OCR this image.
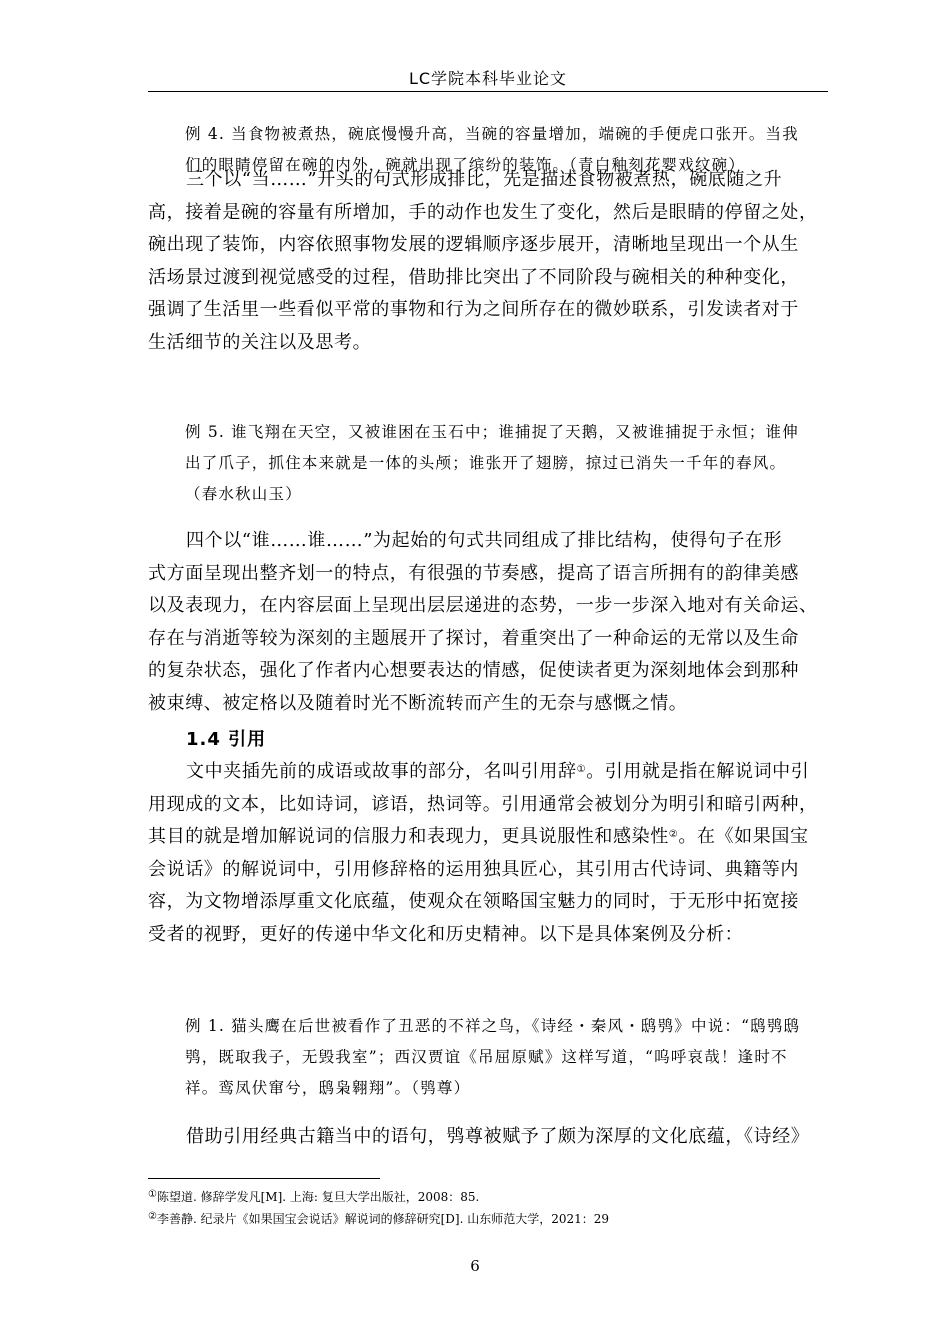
LC学院本科毕业论文
例 4. 当食物被煮热，碗底慢慢升高，当碗的容量增加，端碗的手便虎口张开。当我
们的眼睛停留在碗的内外，碗就出现了缤纷的装饰。（青白釉刻花婴戏纹碗）
三个以“当……”开头的句式形成排比，先是描述食物被煮热，碗底随之升
高，接着是碗的容量有所增加，手的动作也发生了变化，然后是眼睛的停留之处，
碗出现了装饰，内容依照事物发展的逻辑顺序逐步展开，清晰地呈现出一个从生
活场景过渡到视觉感受的过程，借助排比突出了不同阶段与碗相关的种种变化，
强调了生活里一些看似平常的事物和行为之间所存在的微妙联系，引发读者对于
生活细节的关注以及思考。
例 5. 谁飞翔在天空，又被谁困在玉石中；谁捕捉了天鹅，又被谁捕捉于永恒；谁伸
出了爪子，抓住本来就是一体的头颅；谁张开了翅膀，掠过已消失一千年的春风。
（春水秋山玉）
四个以“谁……谁……”为起始的句式共同组成了排比结构，使得句子在形
式方面呈现出整齐划一的特点，有很强的节奏感，提高了语言所拥有的韵律美感
以及表现力，在内容层面上呈现出层层递进的态势，一步一步深入地对有关命运、
存在与消逝等较为深刻的主题展开了探讨，着重突出了一种命运的无常以及生命
的复杂状态，强化了作者内心想要表达的情感，促使读者更为深刻地体会到那种
被束缚、被定格以及随着时光不断流转而产生的无奈与感慨之情。
1.4 引用
文中夹插先前的成语或故事的部分，名叫引用辞①。引用就是指在解说词中引
用现成的文本，比如诗词，谚语，热词等。引用通常会被划分为明引和暗引两种，
其目的就是增加解说词的信服力和表现力，更具说服性和感染性②。在《如果国宝
会说话》的解说词中，引用修辞格的运用独具匠心，其引用古代诗词、典籍等内
容，为文物增添厚重文化底蕴，使观众在领略国宝魅力的同时，于无形中拓宽接
受者的视野，更好的传递中华文化和历史精神。以下是具体案例及分析：
例 1. 猫头鹰在后世被看作了丑恶的不祥之鸟，《诗经・秦风・鸱鸮》中说：“鸱鸮鸱
鸮，既取我子，无毁我室”；西汉贾谊《吊屈原赋》这样写道，“呜呼哀哉！逢时不
祥。鸾凤伏窜兮，鸱枭翱翔”。（鸮尊）
借助引用经典古籍当中的语句，鸮尊被赋予了颇为深厚的文化底蕴，《诗经》
①陈望道. 修辞学发凡[M]. 上海: 复旦大学出版社，2008：85.
②李善静. 纪录片《如果国宝会说话》解说词的修辞研究[D]. 山东师范大学，2021：29
6
